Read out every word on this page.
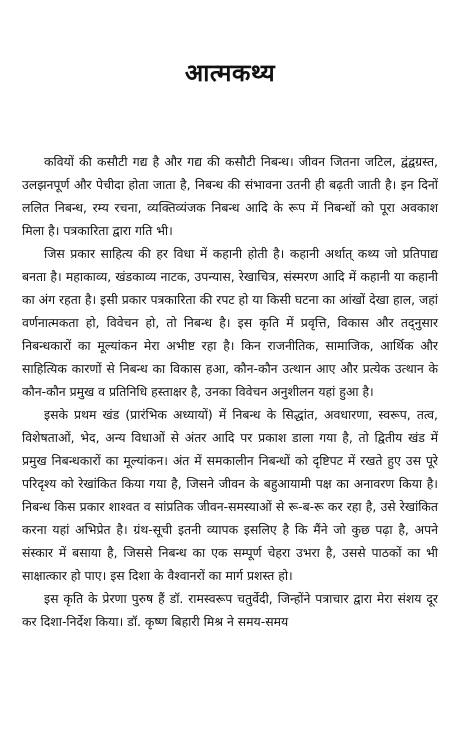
आत्मकथ्य

कवियों की कसौटी गद्य है और गद्य की कसौटी निबन्ध। जीवन जितना जटिल, द्वंद्वग्रस्त, उलझनपूर्ण और पेचीदा होता जाता है, निबन्ध की संभावना उतनी ही बढ़ती जाती है। इन दिनों ललित निबन्ध, रम्य रचना, व्यक्तिव्यंजक निबन्ध आदि के रूप में निबन्धों को पूरा अवकाश मिला है। पत्रकारिता द्वारा गति भी।

जिस प्रकार साहित्य की हर विधा में कहानी होती है। कहानी अर्थात् कथ्य जो प्रतिपाद्य बनता है। महाकाव्य, खंडकाव्य नाटक, उपन्यास, रेखाचित्र, संस्मरण आदि में कहानी या कहानी का अंग रहता है। इसी प्रकार पत्रकारिता की रपट हो या किसी घटना का आंखों देखा हाल, जहां वर्णनात्मकता हो, विवेचन हो, तो निबन्ध है। इस कृति में प्रवृत्ति, विकास और तद्नुसार निबन्धकारों का मूल्यांकन मेरा अभीष्ट रहा है। किन राजनीतिक, सामाजिक, आर्थिक और साहित्यिक कारणों से निबन्ध का विकास हआ, कौन-कौन उत्थान आए और प्रत्येक उत्थान के कौन-कौन प्रमुख व प्रतिनिधि हस्ताक्षर है, उनका विवेचन अनुशीलन यहां हुआ है।

इसके प्रथम खंड (प्रारंभिक अध्यायों) में निबन्ध के सिद्धांत, अवधारणा, स्वरूप, तत्व, विशेषताओं, भेद, अन्य विधाओं से अंतर आदि पर प्रकाश डाला गया है, तो द्वितीय खंड में प्रमुख निबन्धकारों का मूल्यांकन। अंत में समकालीन निबन्धों को दृष्टिपट में रखते हुए उस पूरे परिदृश्य को रेखांकित किया गया है, जिसने जीवन के बहुआयामी पक्ष का अनावरण किया है। निबन्ध किस प्रकार शाश्वत व सांप्रतिक जीवन-समस्याओं से रू-ब-रू कर रहा है, उसे रेखांकित करना यहां अभिप्रेत है। ग्रंथ-सूची इतनी व्यापक इसलिए है कि मैंने जो कुछ पढ़ा है, अपने संस्कार में बसाया है, जिससे निबन्ध का एक सम्पूर्ण चेहरा उभरा है, उससे पाठकों का भी साक्षात्कार हो पाए। इस दिशा के वैश्वानरों का मार्ग प्रशस्त हो।

इस कृति के प्रेरणा पुरुष हैं डॉ. रामस्वरूप चतुर्वेदी, जिन्होंने पत्राचार द्वारा मेरा संशय दूर कर दिशा-निर्देश किया। डॉ. कृष्ण बिहारी मिश्र ने समय-समय
